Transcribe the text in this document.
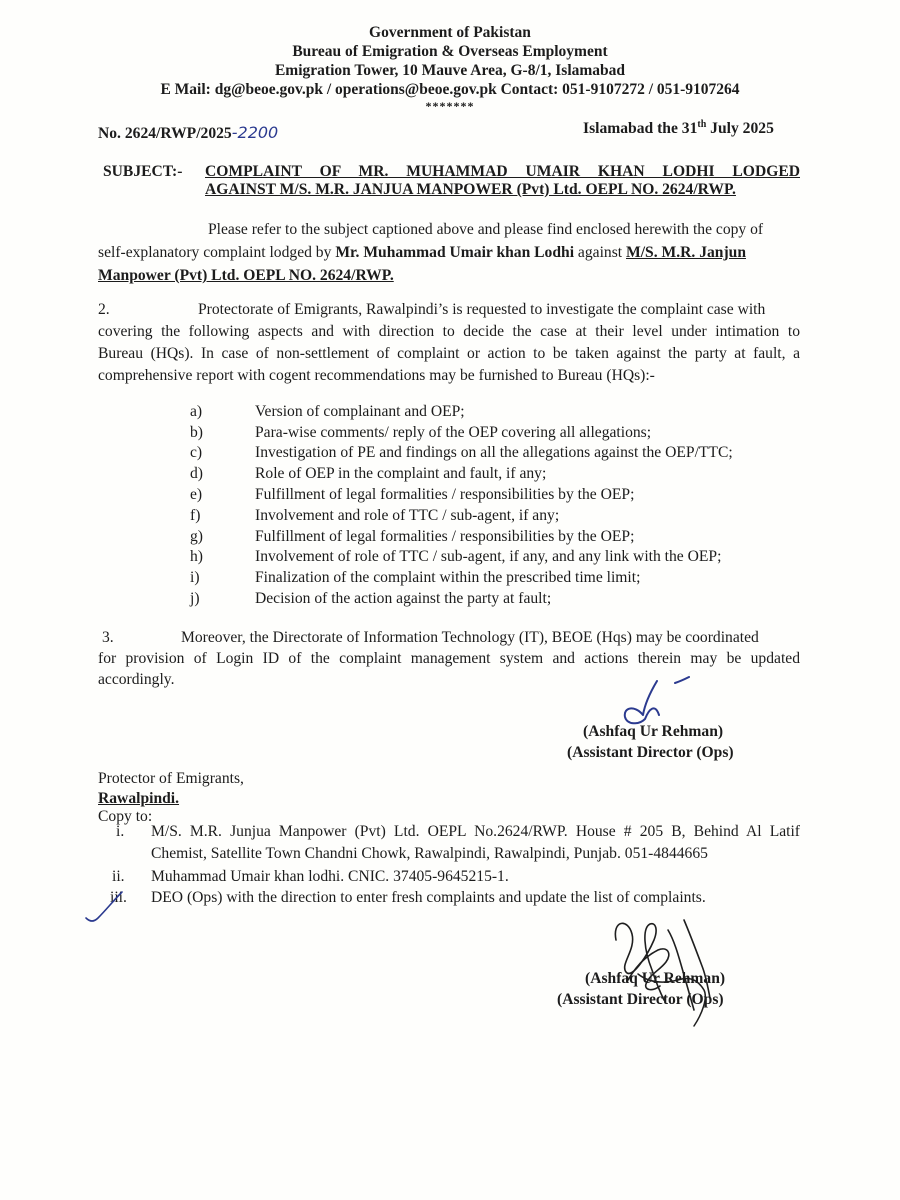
Government of Pakistan
Bureau of Emigration & Overseas Employment
Emigration Tower, 10 Mauve Area, G-8/1, Islamabad
E Mail: dg@beoe.gov.pk / operations@beoe.gov.pk Contact: 051-9107272 / 051-9107264
*******
No. 2624/RWP/2025-2200	Islamabad the 31th July 2025
SUBJECT:- COMPLAINT OF MR. MUHAMMAD UMAIR KHAN LODHI LODGED
AGAINST M/S. M.R. JANJUA MANPOWER (Pvt) Ltd. OEPL NO. 2624/RWP.
Please refer to the subject captioned above and please find enclosed herewith the copy of
self-explanatory complaint lodged by Mr. Muhammad Umair khan Lodhi against M/S. M.R. Janjun
Manpower (Pvt) Ltd. OEPL NO. 2624/RWP.
2.	Protectorate of Emigrants, Rawalpindi’s is requested to investigate the complaint case with
covering the following aspects and with direction to decide the case at their level under intimation to
Bureau (HQs). In case of non-settlement of complaint or action to be taken against the party at fault, a
comprehensive report with cogent recommendations may be furnished to Bureau (HQs):-
a)	Version of complainant and OEP;
b)	Para-wise comments/ reply of the OEP covering all allegations;
c)	Investigation of PE and findings on all the allegations against the OEP/TTC;
d)	Role of OEP in the complaint and fault, if any;
e)	Fulfillment of legal formalities / responsibilities by the OEP;
f)	Involvement and role of TTC / sub-agent, if any;
g)	Fulfillment of legal formalities / responsibilities by the OEP;
h)	Involvement of role of TTC / sub-agent, if any, and any link with the OEP;
i)	Finalization of the complaint within the prescribed time limit;
j)	Decision of the action against the party at fault;
3.	Moreover, the Directorate of Information Technology (IT), BEOE (Hqs) may be coordinated
for provision of Login ID of the complaint management system and actions therein may be updated
accordingly.
(Ashfaq Ur Rehman)
(Assistant Director (Ops)
Protector of Emigrants,
Rawalpindi.
Copy to:
i. M/S. M.R. Junjua Manpower (Pvt) Ltd. OEPL No.2624/RWP. House # 205 B, Behind Al Latif
Chemist, Satellite Town Chandni Chowk, Rawalpindi, Rawalpindi, Punjab. 051-4844665
ii. Muhammad Umair khan lodhi. CNIC. 37405-9645215-1.
iii. DEO (Ops) with the direction to enter fresh complaints and update the list of complaints.
(Ashfaq Ur Rehman)
(Assistant Director (Ops)
